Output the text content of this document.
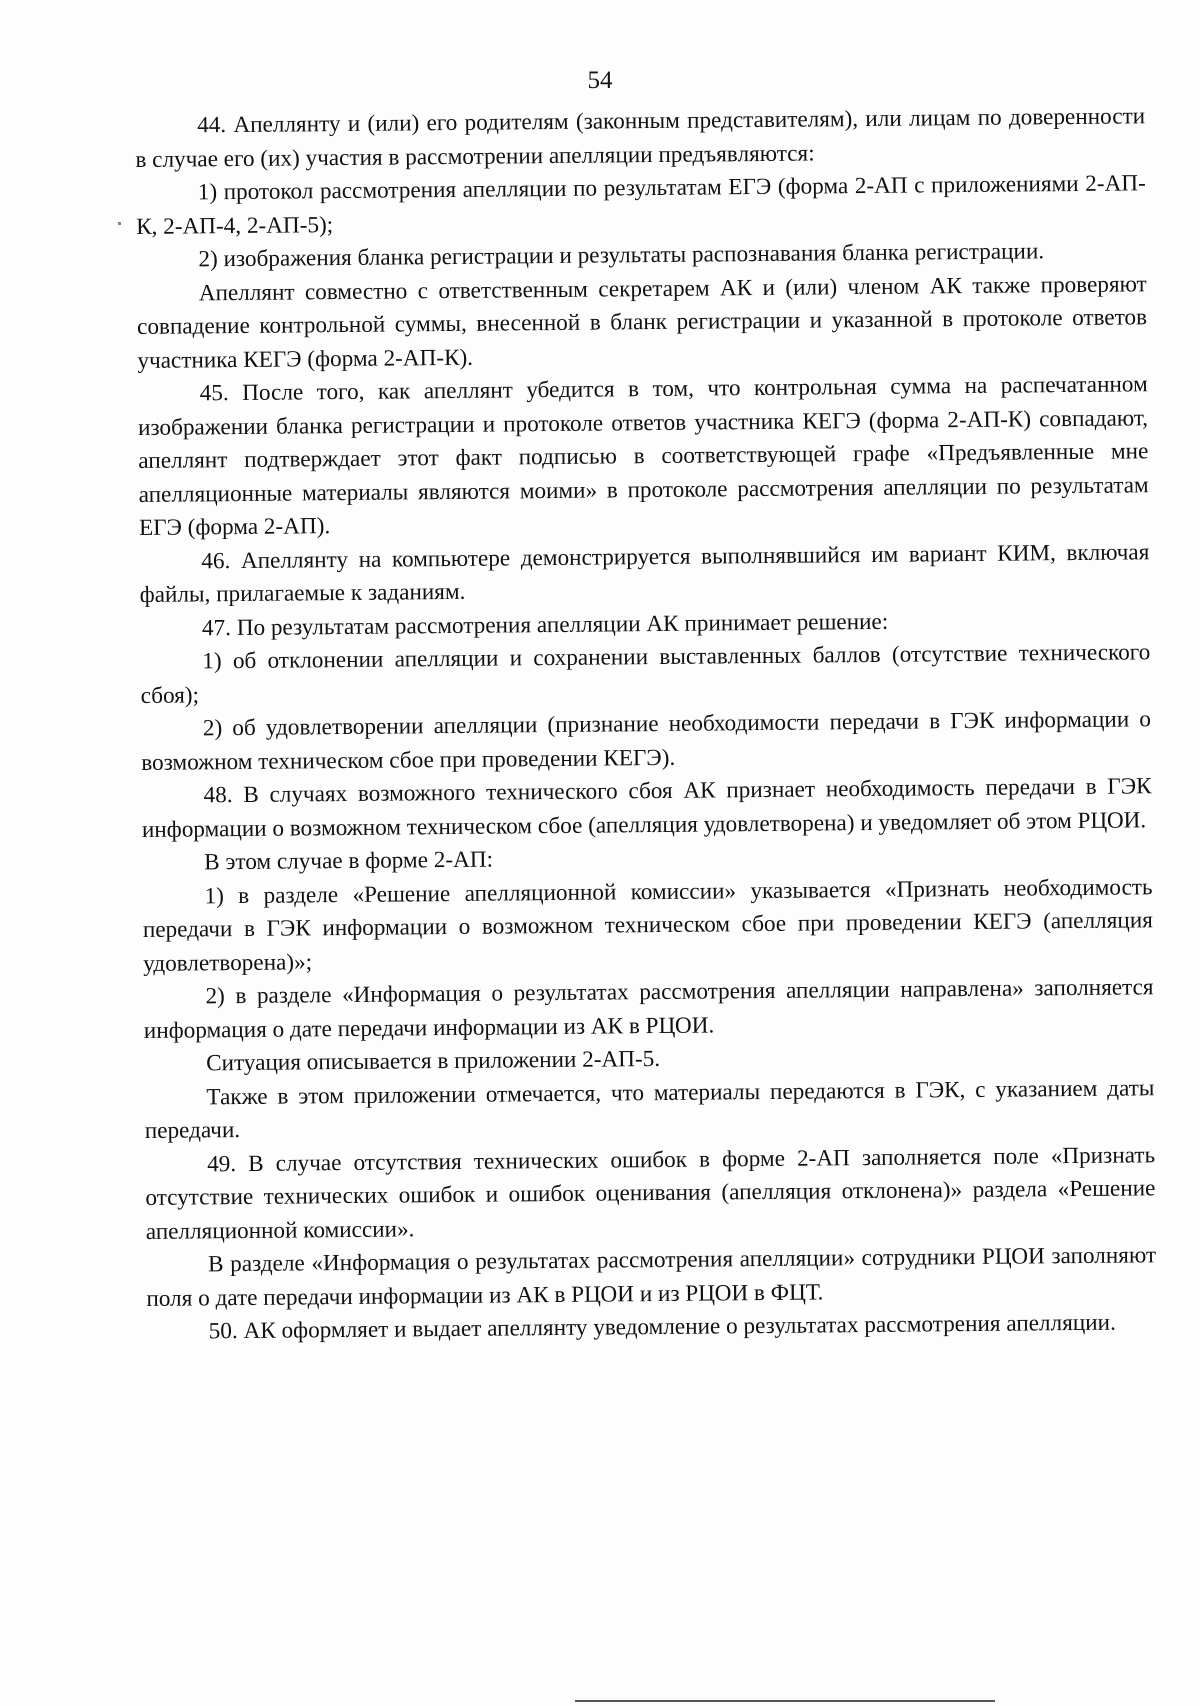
54

44. Апеллянту и (или) его родителям (законным представителям), или лицам по доверенности в случае его (их) участия в рассмотрении апелляции предъявляются:

1) протокол рассмотрения апелляции по результатам ЕГЭ (форма 2-АП с приложениями 2-АП-К, 2-АП-4, 2-АП-5);

2) изображения бланка регистрации и результаты распознавания бланка регистрации.

Апеллянт совместно с ответственным секретарем АК и (или) членом АК также проверяют совпадение контрольной суммы, внесенной в бланк регистрации и указанной в протоколе ответов участника КЕГЭ (форма 2-АП-К).

45. После того, как апеллянт убедится в том, что контрольная сумма на распечатанном изображении бланка регистрации и протоколе ответов участника КЕГЭ (форма 2-АП-К) совпадают, апеллянт подтверждает этот факт подписью в соответствующей графе «Предъявленные мне апелляционные материалы являются моими» в протоколе рассмотрения апелляции по результатам ЕГЭ (форма 2-АП).

46. Апеллянту на компьютере демонстрируется выполнявшийся им вариант КИМ, включая файлы, прилагаемые к заданиям.

47. По результатам рассмотрения апелляции АК принимает решение:

1) об отклонении апелляции и сохранении выставленных баллов (отсутствие технического сбоя);

2) об удовлетворении апелляции (признание необходимости передачи в ГЭК информации о возможном техническом сбое при проведении КЕГЭ).

48. В случаях возможного технического сбоя АК признает необходимость передачи в ГЭК информации о возможном техническом сбое (апелляция удовлетворена) и уведомляет об этом РЦОИ.

В этом случае в форме 2-АП:

1) в разделе «Решение апелляционной комиссии» указывается «Признать необходимость передачи в ГЭК информации о возможном техническом сбое при проведении КЕГЭ (апелляция удовлетворена)»;

2) в разделе «Информация о результатах рассмотрения апелляции направлена» заполняется информация о дате передачи информации из АК в РЦОИ.

Ситуация описывается в приложении 2-АП-5.

Также в этом приложении отмечается, что материалы передаются в ГЭК, с указанием даты передачи.

49. В случае отсутствия технических ошибок в форме 2-АП заполняется поле «Признать отсутствие технических ошибок и ошибок оценивания (апелляция отклонена)» раздела «Решение апелляционной комиссии».

В разделе «Информация о результатах рассмотрения апелляции» сотрудники РЦОИ заполняют поля о дате передачи информации из АК в РЦОИ и из РЦОИ в ФЦТ.

50. АК оформляет и выдает апеллянту уведомление о результатах рассмотрения апелляции.
